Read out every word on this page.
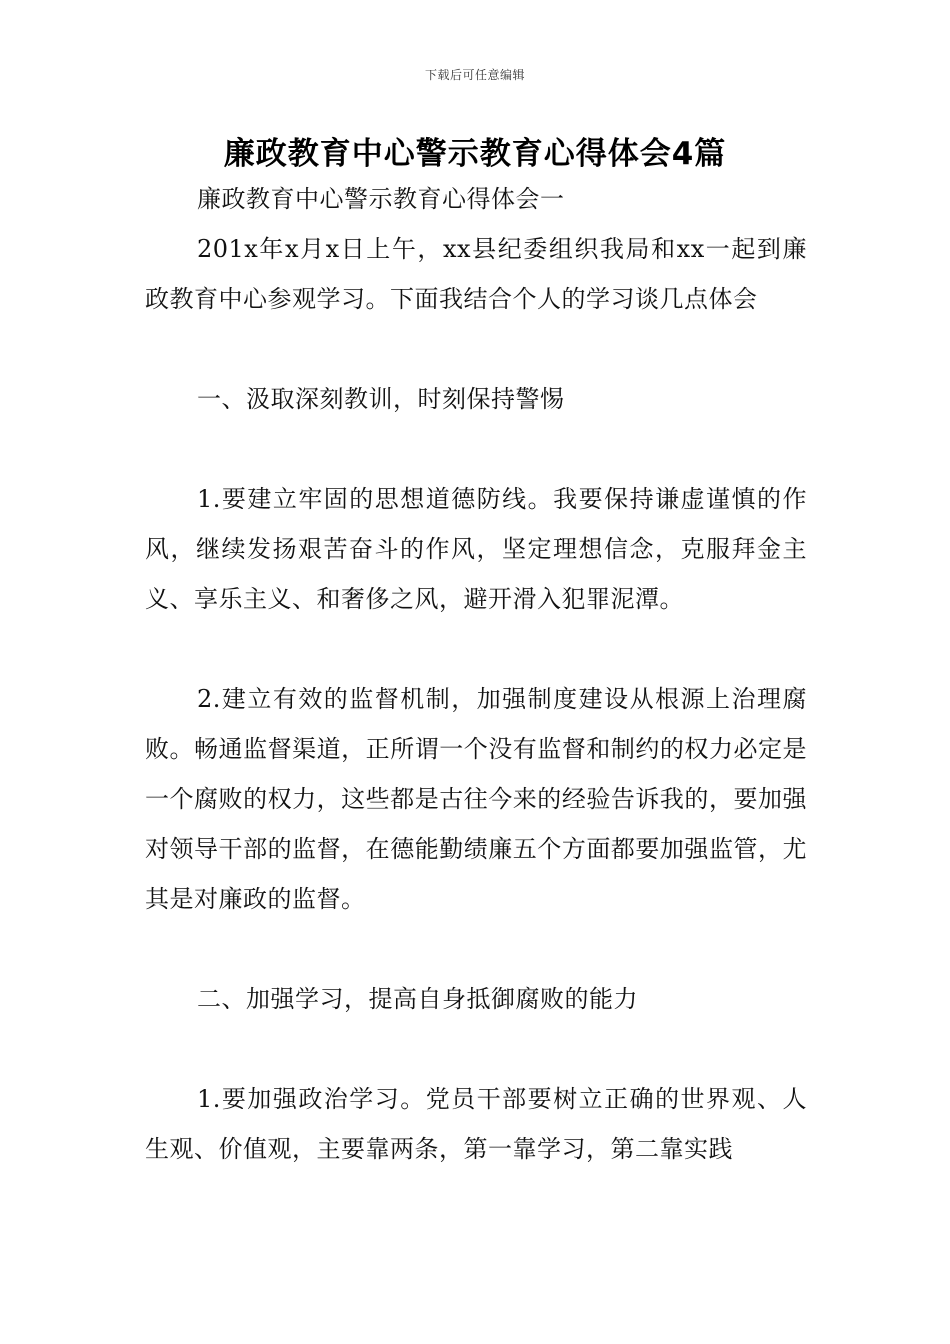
下载后可任意编辑
廉政教育中心警示教育心得体会4篇

廉政教育中心警示教育心得体会一

201x年x月x日上午，xx县纪委组织我局和xx一起到廉政教育中心参观学习。下面我结合个人的学习谈几点体会

一、汲取深刻教训，时刻保持警惕

1.要建立牢固的思想道德防线。我要保持谦虚谨慎的作风，继续发扬艰苦奋斗的作风，坚定理想信念，克服拜金主义、享乐主义、和奢侈之风，避开滑入犯罪泥潭。

2.建立有效的监督机制，加强制度建设从根源上治理腐败。畅通监督渠道，正所谓一个没有监督和制约的权力必定是一个腐败的权力，这些都是古往今来的经验告诉我的，要加强对领导干部的监督，在德能勤绩廉五个方面都要加强监管，尤其是对廉政的监督。

二、加强学习，提高自身抵御腐败的能力

1.要加强政治学习。党员干部要树立正确的世界观、人生观、价值观，主要靠两条，第一靠学习，第二靠实践
